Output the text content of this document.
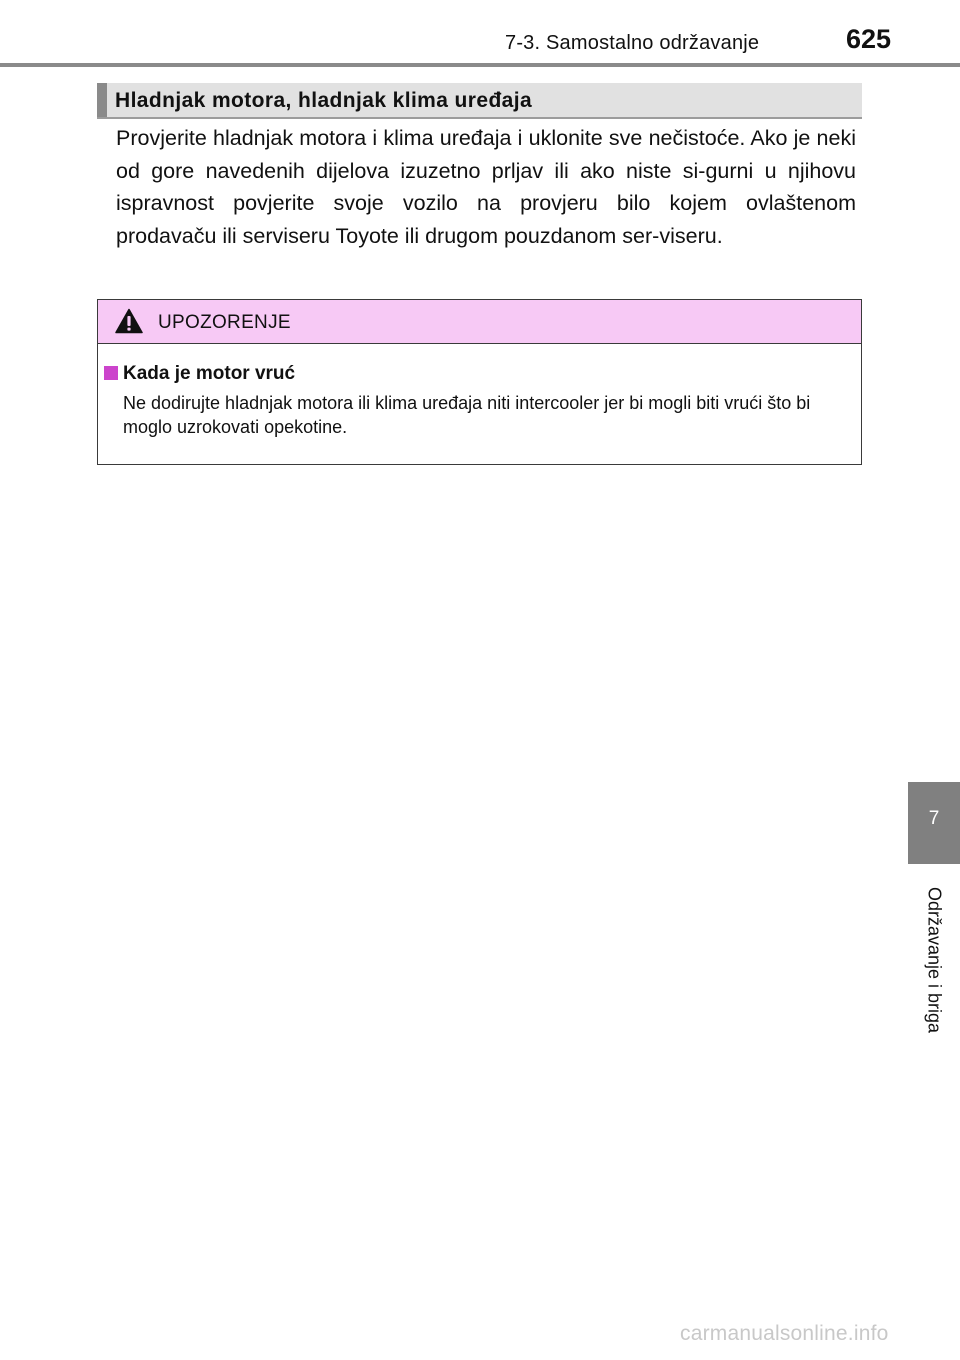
7-3. Samostalno održavanje	625
Hladnjak motora, hladnjak klima uređaja

Provjerite hladnjak motora i klima uređaja i uklonite sve nečistoće. Ako je neki od gore navedenih dijelova izuzetno prljav ili ako niste si-gurni u njihovu ispravnost povjerite svoje vozilo na provjeru bilo kojem ovlaštenom prodavaču ili serviseru Toyote ili drugom pouzdanom ser-viseru.

UPOZORENJE
Kada je motor vruć

Ne dodirujte hladnjak motora ili klima uređaja niti intercooler jer bi mogli biti vrući što bi moglo uzrokovati opekotine.

7
Održavanje i briga
carmanualsonline.info
